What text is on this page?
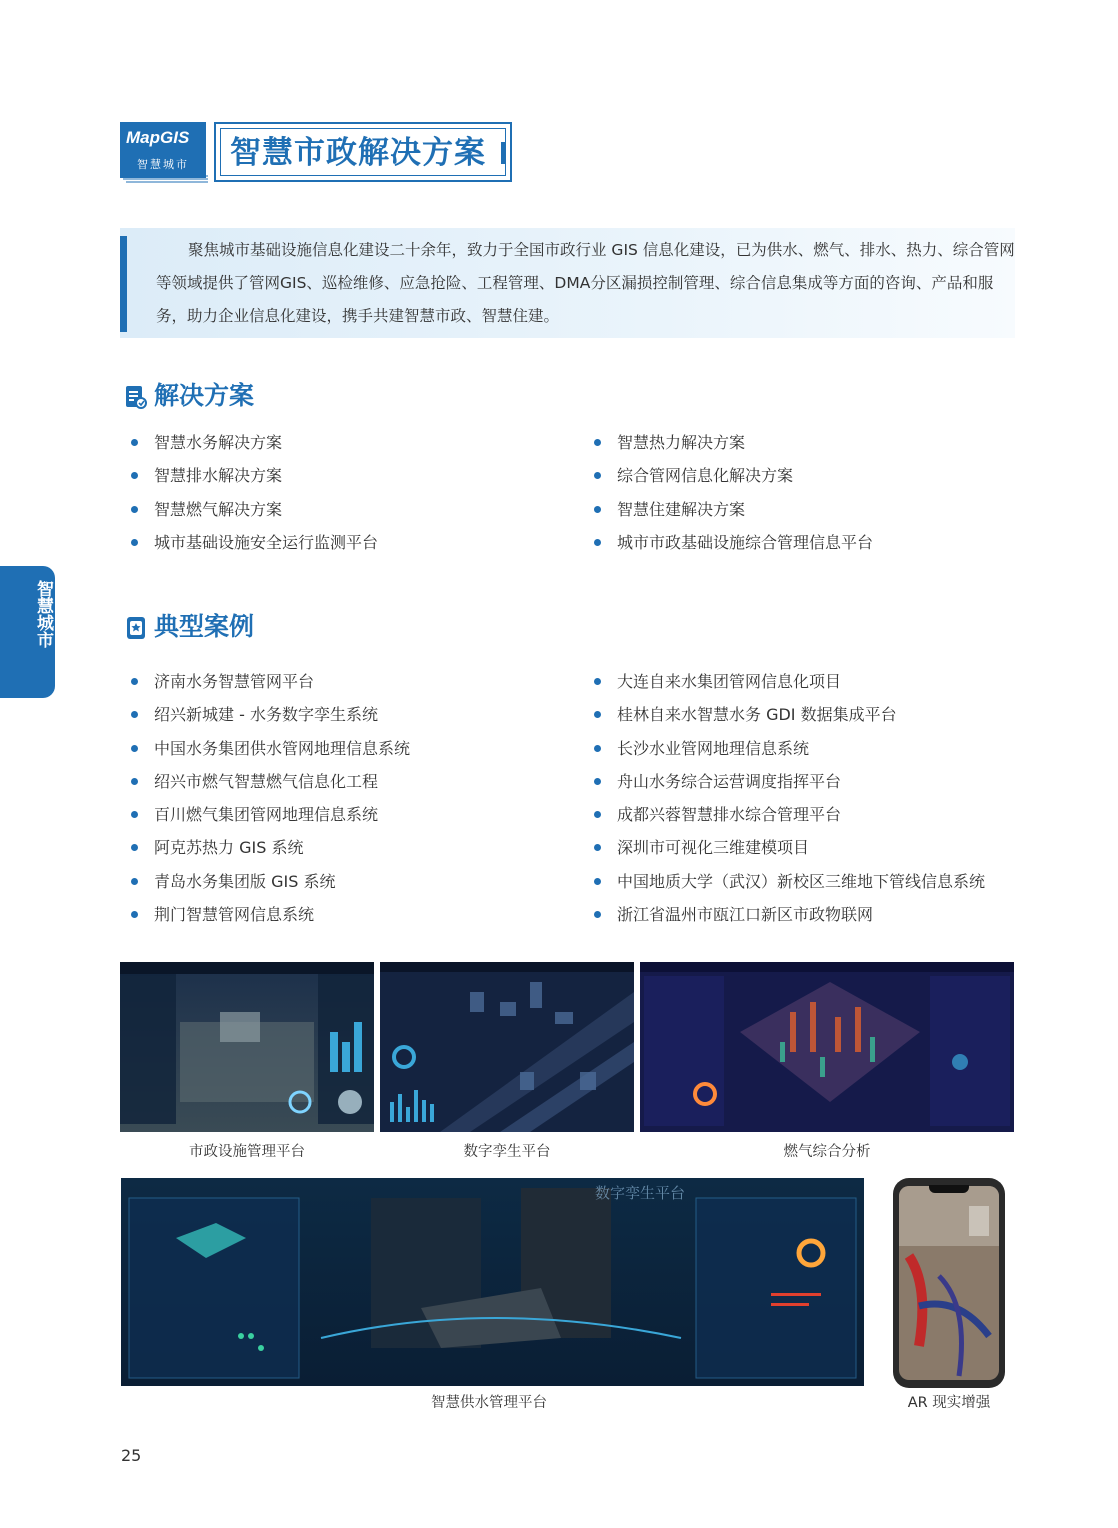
MapGIS
智慧城市	智慧市政解决方案

聚焦城市基础设施信息化建设二十余年，致力于全国市政行业 GIS 信息化建设，已为供水、燃气、排水、热力、综合管网等领域提供了管网GIS、巡检维修、应急抢险、工程管理、DMA分区漏损控制管理、综合信息集成等方面的咨询、产品和服务，助力企业信息化建设，携手共建智慧市政、智慧住建。

解决方案
智慧水务解决方案
智慧排水解决方案
智慧燃气解决方案
城市基础设施安全运行监测平台
智慧热力解决方案
综合管网信息化解决方案
智慧住建解决方案
城市市政基础设施综合管理信息平台
智慧城市	典型案例
济南水务智慧管网平台
绍兴新城建 - 水务数字孪生系统
中国水务集团供水管网地理信息系统
绍兴市燃气智慧燃气信息化工程
百川燃气集团管网地理信息系统
阿克苏热力 GIS 系统
青岛水务集团版 GIS 系统
荆门智慧管网信息系统
大连自来水集团管网信息化项目
桂林自来水智慧水务 GDI 数据集成平台
长沙水业管网地理信息系统
舟山水务综合运营调度指挥平台
成都兴蓉智慧排水综合管理平台
深圳市可视化三维建模项目
中国地质大学（武汉）新校区三维地下管线信息系统
浙江省温州市瓯江口新区市政物联网
市政设施管理平台	数字孪生平台	燃气综合分析
数字孪生平台
智慧供水管理平台	AR 现实增强
25
